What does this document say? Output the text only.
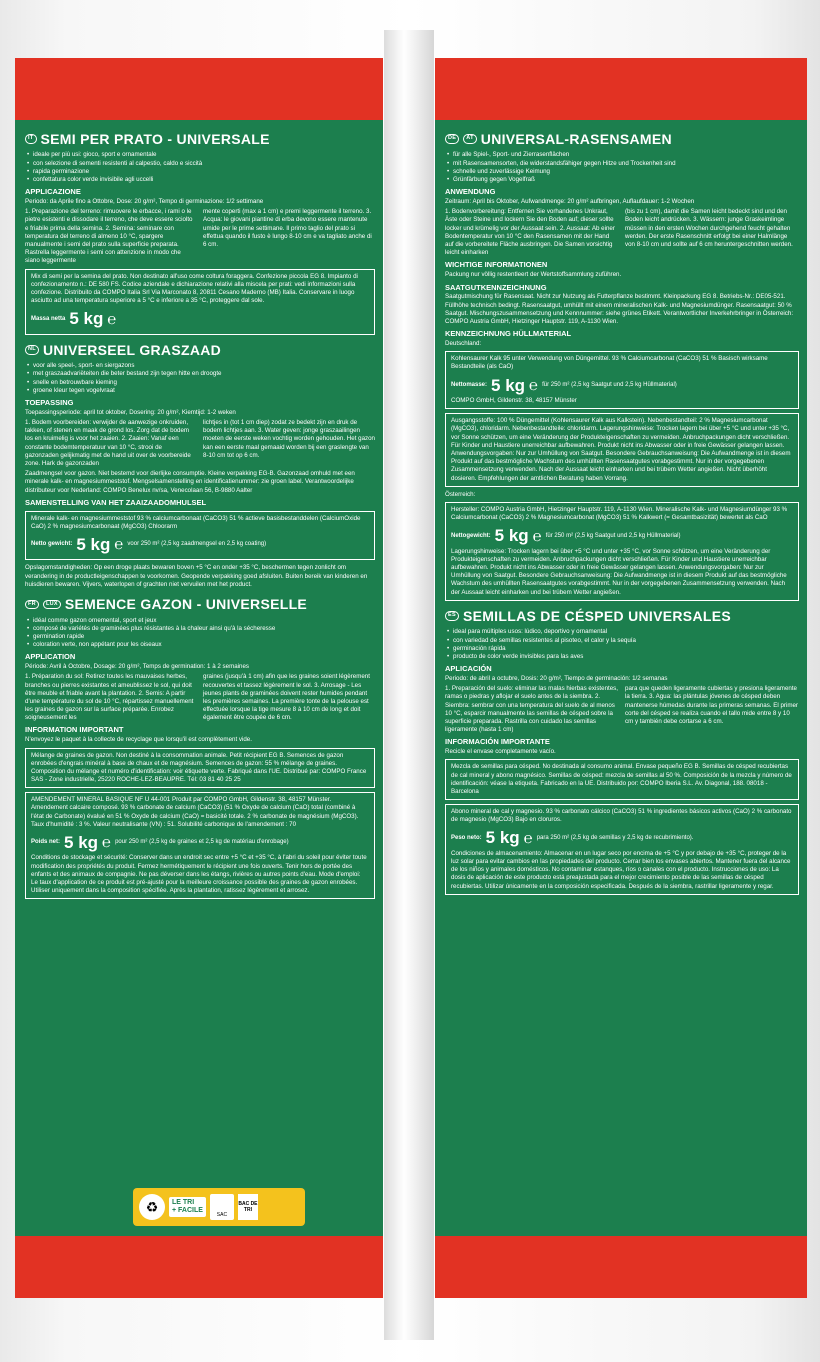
IT SEMI PER PRATO - UNIVERSALE
• ideale per più usi: gioco, sport e ornamentale
• con selezione di sementi resistenti al calpestio, caldo e siccità
• rapida germinazione
• confettatura color verde invisibile agli uccelli
APPLICAZIONE
Periodo: da Aprile fino a Ottobre, Dose: 20 g/m², Tempo di germinazione: 1/2 settimane
1. Preparazione del terreno: rimuovere le erbacce, i rami o le pietre esistenti e dissodare il terreno, che deve essere sciolto e friabile prima della semina. 2. Semina: seminare con temperatura del terreno di almeno 10 °C, spargere manualmente i semi del prato sulla superficie preparata. Rastrella leggermente i semi con attenzione in modo che siano leggermente
mente coperti (max a 1 cm) e premi leggermente il terreno. 3. Acqua: le giovani piantine di erba devono essere mantenute umide per le prime settimane. Il primo taglio del prato si effettua quando il fusto è lungo 8-10 cm e va tagliato anche di 6 cm.
Mix di semi per la semina del prato. Non destinato all'uso come coltura foraggera. Confezione piccola EG 8. Impianto di confezionamento n.: DE 580 FS. Codice aziendale e dichiarazione relativi alla miscela per prati: vedi informazioni sulla confezione. Distribuito da COMPO Italia Srl Via Marconato 8, 20811 Cesano Maderno (MB) Italia. Conservare in luogo asciutto ad una temperatura superiore a 5 °C e inferiore a 35 °C, proteggere dal sole.
Massa netta 5 kg ℮
NL UNIVERSEEL GRASZAAD
• voor alle speel-, sport- en siergazons
• met graszaadvariëteiten die beter bestand zijn tegen hitte en droogte
• snelle en betrouwbare kieming
• groene kleur tegen vogelvraat
TOEPASSING
Toepassingsperiode: april tot oktober, Dosering: 20 g/m², Kiemtijd: 1-2 weken
1. Bodem voorbereiden: verwijder de aanwezige onkruiden, takken, of stenen en maak de grond los. Zorg dat de bodem los en kruimelig is voor het zaaien. 2. Zaaien: Vanaf een constante bodemtemperatuur van 10 °C, strooi de gazonzaden gelijkmatig met de hand uit over de voorbereide zone. Hark de gazonzaden
lichtjes in (tot 1 cm diep) zodat ze bedekt zijn en druk de bodem lichtjes aan. 3. Water geven: jonge graszaailingen moeten de eerste weken vochtig worden gehouden. Het gazon kan een eerste maal gemaaid worden bij een graslengte van 8-10 cm tot op 6 cm.
Zaadmengsel voor gazon. Niet bestemd voor dierlijke consumptie. Kleine verpakking EG-B. Gazonzaad omhuld met een minerale kalk- en magnesiummeststof. Mengselsamenstelling en identificatienummer: zie groen label. Verantwoordelijke distributeur voor Nederland: COMPO Benelux nv/sa, Venecolaan 56, B-9880 Aalter
SAMENSTELLING VAN HET ZAAIZAADOMHULSEL
Minerale kalk- en magnesiummeststof 93 % calciumcarbonaat (CaCO3) 51 % actieve basisbestanddelen (CalciumOxide CaO) 2 % magnesiumcarbonaat (MgCO3) Chloorarm
Netto gewicht: 5 kg ℮ voor 250 m² (2,5 kg zaadmengsel en 2,5 kg coating)
Opslagomstandigheden: Op een droge plaats bewaren boven +5 °C en onder +35 °C, beschermen tegen zonlicht om verandering in de productleigenschappen te voorkomen. Geopende verpakking goed afsluiten. Buiten bereik van kinderen en huisdieren bewaren. Vijvers, waterlopen of grachten niet vervuilen met het product.
FR	LUX SEMENCE GAZON - UNIVERSELLE
• idéal comme gazon ornemental, sport et jeux
• composé de variétés de graminées plus résistantes à la chaleur ainsi qu'à la sécheresse
• germination rapide
• coloration verte, non appétant pour les oiseaux
APPLICATION
Période: Avril à Octobre, Dosage: 20 g/m², Temps de germination: 1 à 2 semaines
1. Préparation du sol: Retirez toutes les mauvaises herbes, branches ou pierres existantes et ameublissez le sol, qui doit être meuble et friable avant la plantation. 2. Semis: A partir d'une température du sol de 10 °C, répartissez manuellement les graines de gazon sur la surface préparée. Enrobez soigneusement les
graines (jusqu'à 1 cm) afin que les graines soient légèrement recouvertes et tassez légèrement le sol. 3. Arrosage - Les jeunes plants de graminées doivent rester humides pendant les premières semaines. La première tonte de la pelouse est effectuée lorsque la tige mesure 8 à 10 cm de long et doit également être coupée de 6 cm.
INFORMATION IMPORTANT
N'envoyez le paquet à la collecte de recyclage que lorsqu'il est complètement vide.
Mélange de graines de gazon. Non destiné à la consommation animale. Petit récipient EG B. Semences de gazon enrobées d'engrais minéral à base de chaux et de magnésium. Semences de gazon: 55 % mélange de graines. Composition du mélange et numéro d'identification: voir étiquette verte. Fabriqué dans l'UE. Distribué par: COMPO France SAS - Zone industrielle, 25220 ROCHE-LEZ-BEAUPRE. Tél: 03 81 40 25 25
AMENDEMENT MINERAL BASIQUE NF U 44-001 Produit par COMPO GmbH, Gildenstr. 38, 48157 Münster. Amendement calcaire composé. 93 % carbonate de calcium (CaCO3) (51 % Oxyde de calcium (CaO) total (combiné à l'état de Carbonate) évalué en 51 % Oxyde de calcium (CaO) = basicité totale. 2 % carbonate de magnésium (MgCO3). Taux d'humidité : 3 %. Valeur neutralisante (VN) : 51. Solubilité carbonique de l'amendement : 70
Poids net: 5 kg ℮ pour 250 m² (2,5 kg de graines et 2,5 kg de matériau d'enrobage)
Conditions de stockage et sécurité: Conserver dans un endroit sec entre +5 °C et +35 °C, à l'abri du soleil pour éviter toute modification des propriétés du produit. Fermez hermétiquement le récipient une fois ouverts. Tenir hors de portée des enfants et des animaux de compagnie. Ne pas déverser dans les étangs, rivières ou autres points d'eau. Mode d'emploi: Le taux d'application de ce produit est pré-ajusté pour la meilleure croissance possible des graines de gazon enrobées. Utiliser uniquement dans la composition spécifiée. Après la plantation, ratissez légèrement et arrosez.
♻	LE TRI
+ FACILE
SAC
BAC DE TRI
DE	AT UNIVERSAL-RASENSAMEN
• für alle Spiel-, Sport- und Zierrasenflächen
• mit Rasensamensorten, die widerstandsfähiger gegen Hitze und Trockenheit sind
• schnelle und zuverlässige Keimung
• Grünfärbung gegen Vogelfraß
ANWENDUNG
Zeitraum: April bis Oktober, Aufwandmenge: 20 g/m² aufbringen, Auflaufdauer: 1-2 Wochen
1. Bodenvorbereitung: Entfernen Sie vorhandenes Unkraut, Äste oder Steine und lockern Sie den Boden auf; dieser sollte locker und krümelig vor der Aussaat sein. 2. Aussaat: Ab einer Bodentemperatur von 10 °C den Rasensamen mit der Hand auf die vorbereitete Fläche ausbringen. Die Samen vorsichtig leicht einharken
(bis zu 1 cm), damit die Samen leicht bedeckt sind und den Boden leicht andrücken. 3. Wässern: junge Graskeimlinge müssen in den ersten Wochen durchgehend feucht gehalten werden. Der erste Rasenschnitt erfolgt bei einer Halmlänge von 8-10 cm und sollte auf 6 cm heruntergeschnitten werden.
WICHTIGE INFORMATIONEN
Packung nur völlig restentleert der Wertstoffsammlung zuführen.
SAATGUTKENNZEICHNUNG
Saatgutmischung für Rasensaat. Nicht zur Nutzung als Futterpflanze bestimmt. Kleinpackung EG 8. Betriebs-Nr.: DE05-521. Füllhöhe technisch bedingt. Rasensaatgut, umhüllt mit einem mineralischen Kalk- und Magnesiumdünger. Rasensaatgut: 50 % Saatgut. Mischungszusammensetzung und Kennnummer: siehe grünes Etikett. Verantwortlicher Inverkehrbringer in Österreich: COMPO Austria GmbH, Hietzinger Hauptstr. 119, A-1130 Wien.
KENNZEICHNUNG HÜLLMATERIAL
Deutschland:
Kohlensaurer Kalk 95 unter Verwendung von Düngemittel. 93 % Calciumcarbonat (CaCO3) 51 % Basisch wirksame Bestandteile (als CaO)
Nettomasse: 5 kg ℮ für 250 m² (2,5 kg Saatgut und 2,5 kg Hüllmaterial)
COMPO GmbH, Gildenstr. 38, 48157 Münster
Ausgangsstoffe: 100 % Düngemittel (Kohlensaurer Kalk aus Kalkstein). Nebenbestandteil: 2 % Magnesiumcarbonat (MgCO3), chloridarm. Nebenbestandteile: chloridarm. Lagerungshinweise: Trocken lagern bei über +5 °C und unter +35 °C, vor Sonne schützen, um eine Veränderung der Produkteigenschaften zu vermeiden. Anbruchpackungen dicht verschließen. Für Kinder und Haustiere unerreichbar aufbewahren. Produkt nicht ins Abwasser oder in freie Gewässer gelangen lassen. Anwendungsvorgaben: Nur zur Umhüllung von Saatgut. Besondere Gebrauchsanweisung: Die Aufwandmenge ist in diesem Produkt auf das bestmögliche Wachstum des umhüllten Rasensaatgutes vorabgestimmt. Nur in der vorgegebenen Zusammensetzung verwenden. Nach der Aussaat leicht einharken und bei trübem Wetter angießen. Nicht überhöht dosieren. Empfehlungen der amtlichen Beratung haben Vorrang.
Österreich:
Hersteller: COMPO Austria GmbH, Hietzinger Hauptstr. 119, A-1130 Wien. Mineralische Kalk- und Magnesiumdünger 93 % Calciumcarbonat (CaCO3) 2 % Magnesiumcarbonat (MgCO3) 51 % Kalkwert (= Gesamtbasizität) bewertet als CaO
Nettogewicht: 5 kg ℮ für 250 m² (2,5 kg Saatgut und 2,5 kg Hüllmaterial)
Lagerungshinweise: Trocken lagern bei über +5 °C und unter +35 °C, vor Sonne schützen, um eine Veränderung der Produkteigenschaften zu vermeiden. Anbruchpackungen dicht verschließen. Für Kinder und Haustiere unerreichbar aufbewahren. Produkt nicht ins Abwasser oder in freie Gewässer gelangen lassen. Anwendungsvorgaben: Nur zur Umhüllung von Saatgut. Besondere Gebrauchsanweisung: Die Aufwandmenge ist in diesem Produkt auf das bestmögliche Wachstum des umhüllten Rasensaatgutes vorabgestimmt. Nur in der vorgegebenen Zusammensetzung verwenden. Nach der Aussaat leicht einharken und bei trübem Wetter angießen.
ES SEMILLAS DE CÉSPED UNIVERSALES
• ideal para múltiples usos: lúdico, deportivo y ornamental
• con variedad de semillas resistentes al pisoteo, el calor y la sequía
• germinación rápida
• producto de color verde invisibles para las aves
APLICACIÓN
Periodo: de abril a octubre, Dosis: 20 g/m², Tiempo de germinación: 1/2 semanas
1. Preparación del suelo: eliminar las malas hierbas existentes, ramas o piedras y aflojar el suelo antes de la siembra. 2. Siembra: sembrar con una temperatura del suelo de al menos 10 °C, esparcir manualmente las semillas de césped sobre la superficie preparada. Rastrilla con cuidado las semillas ligeramente (hasta 1 cm)
para que queden ligeramente cubiertas y presiona ligeramente la tierra. 3. Agua: las plántulas jóvenes de césped deben mantenerse húmedas durante las primeras semanas. El primer corte del césped se realiza cuando el tallo mide entre 8 y 10 cm y también debe cortarse a 6 cm.
INFORMACIÓN IMPORTANTE
Recicle el envase completamente vacío.
Mezcla de semillas para césped. No destinada al consumo animal. Envase pequeño EG B. Semillas de césped recubiertas de cal mineral y abono magnésico. Semillas de césped: mezcla de semillas al 50 %. Composición de la mezcla y número de identificación: véase la etiqueta. Fabricado en la UE. Distribuido por: COMPO Iberia S.L. Av. Diagonal, 188. 08018 - Barcelona
Abono mineral de cal y magnesio. 93 % carbonato cálcico (CaCO3) 51 % ingredientes básicos activos (CaO) 2 % carbonato de magnesio (MgCO3) Bajo en cloruros.
Peso neto: 5 kg ℮ para 250 m² (2,5 kg de semillas y 2,5 kg de recubrimiento).
Condiciones de almacenamiento: Almacenar en un lugar seco por encima de +5 °C y por debajo de +35 °C, proteger de la luz solar para evitar cambios en las propiedades del producto. Cerrar bien los envases abiertos. Mantener fuera del alcance de los niños y animales domésticos. No contaminar estanques, ríos o canales con el producto. Instrucciones de uso: La dosis de aplicación de este producto está preajustada para el mejor crecimiento posible de las semillas de césped recubiertas. Utilizar únicamente en la composición especificada. Después de la siembra, rastrillar ligeramente y regar.
